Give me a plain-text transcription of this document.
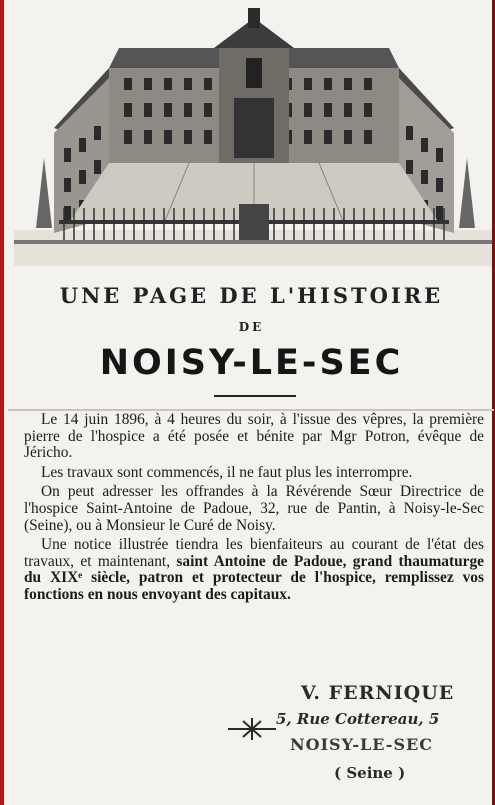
UNE PAGE DE L'HISTOIRE
DE
NOISY-LE-SEC

Le 14 juin 1896, à 4 heures du soir, à l'issue des vêpres, la première pierre de l'hospice a été posée et bénite par Mgr Potron, évêque de Jéricho.

Les travaux sont commencés, il ne faut plus les interrompre.

On peut adresser les offrandes à la Révérende Sœur Directrice de l'hospice Saint-Antoine de Padoue, 32, rue de Pantin, à Noisy-le-Sec (Seine), ou à Monsieur le Curé de Noisy.

Une notice illustrée tiendra les bienfaiteurs au courant de l'état des travaux, et maintenant, saint Antoine de Padoue, grand thaumaturge du XIXᵉ siècle, patron et protecteur de l'hospice, remplissez vos fonctions en nous envoyant des capitaux.

V. FERNIQUE
5, Rue Cottereau, 5
NOISY-LE-SEC
( Seine )
